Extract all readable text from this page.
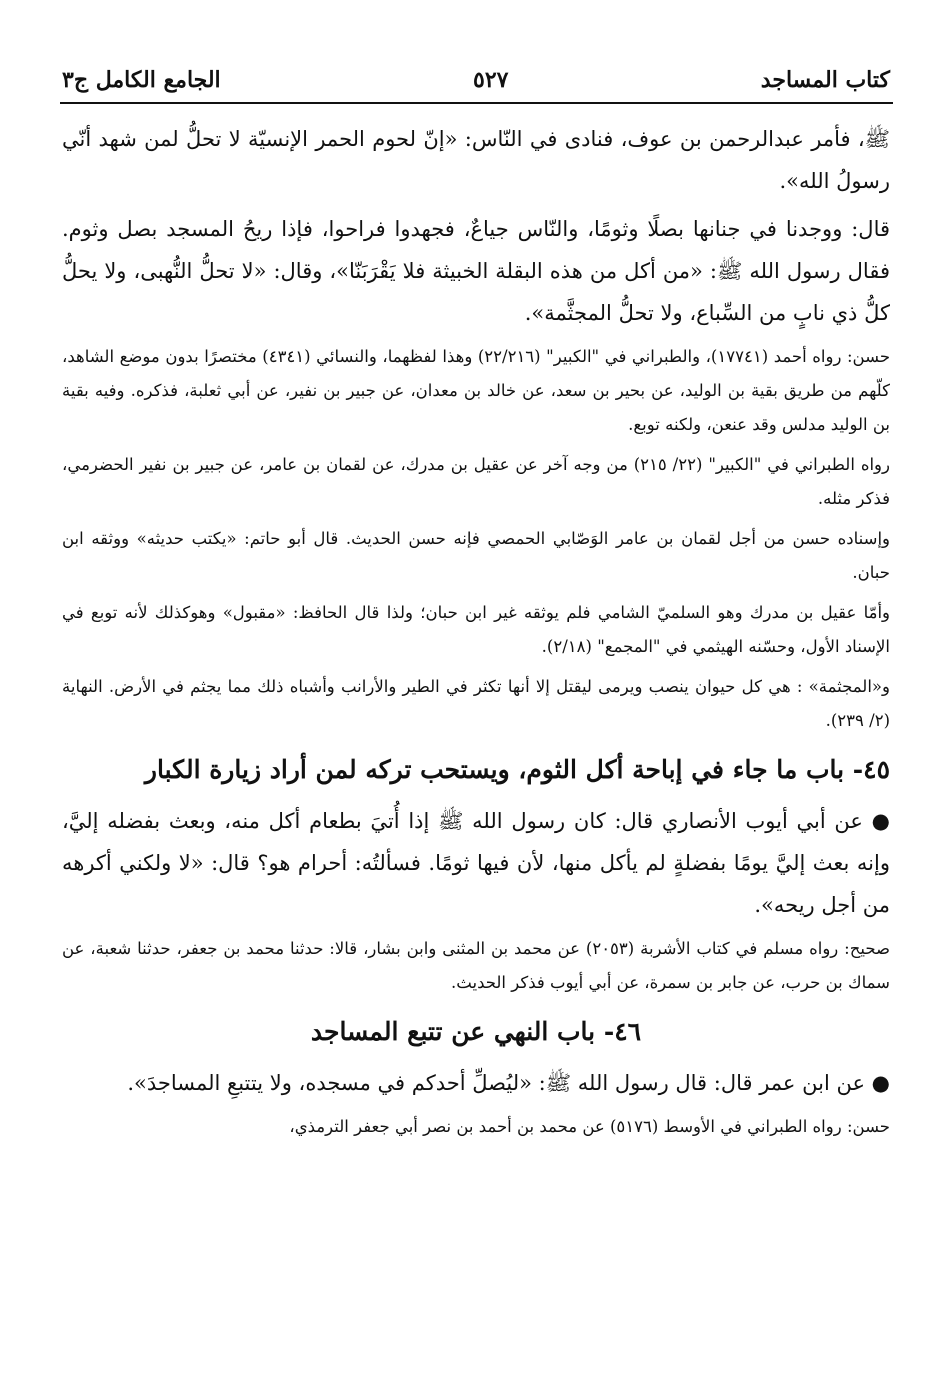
كتاب المساجد
٥٢٧
الجامع الكامل ج٣

ﷺ، فأمر عبدالرحمن بن عوف، فنادى في النّاس: «إنّ لحوم الحمر الإنسيّة لا تحلُّ لمن شهد أنّي رسولُ الله».

قال: ووجدنا في جنانها بصلًا وثومًا، والنّاس جياعٌ، فجهدوا فراحوا، فإذا ريحُ المسجد بصل وثوم. فقال رسول الله ﷺ: «من أكل من هذه البقلة الخبيثة فلا يَقْرَبَنّا»، وقال: «لا تحلُّ النُّهبى، ولا يحلُّ كلُّ ذي نابٍ من السِّباع، ولا تحلُّ المجثَّمة».

حسن: رواه أحمد (١٧٧٤١)، والطبراني في "الكبير" (٢٢/٢١٦) وهذا لفظهما، والنسائي (٤٣٤١) مختصرًا بدون موضع الشاهد، كلّهم من طريق بقية بن الوليد، عن بحير بن سعد، عن خالد بن معدان، عن جبير بن نفير، عن أبي ثعلبة، فذكره. وفيه بقية بن الوليد مدلس وقد عنعن، ولكنه توبع.

رواه الطبراني في "الكبير" (٢٢/ ٢١٥) من وجه آخر عن عقيل بن مدرك، عن لقمان بن عامر، عن جبير بن نفير الحضرمي، فذكر مثله.

وإسناده حسن من أجل لقمان بن عامر الوَصّابي الحمصي فإنه حسن الحديث. قال أبو حاتم: «يكتب حديثه» ووثقه ابن حبان.

وأمّا عقيل بن مدرك وهو السلميّ الشامي فلم يوثقه غير ابن حبان؛ ولذا قال الحافظ: «مقبول» وهوكذلك لأنه توبع في الإسناد الأول، وحسّنه الهيثمي في "المجمع" (٢/١٨).

و«المجثمة» : هي كل حيوان ينصب ويرمى ليقتل إلا أنها تكثر في الطير والأرانب وأشباه ذلك مما يجثم في الأرض. النهاية (٢/ ٢٣٩).

٤٥- باب ما جاء في إباحة أكل الثوم، ويستحب تركه لمن أراد زيارة الكبار

● عن أبي أيوب الأنصاري قال: كان رسول الله ﷺ إذا أُتيَ بطعام أكل منه، وبعث بفضله إليَّ، وإنه بعث إليَّ يومًا بفضلةٍ لم يأكل منها، لأن فيها ثومًا. فسألتُه: أحرام هو؟ قال: «لا ولكني أكرهه من أجل ريحه».

صحيح: رواه مسلم في كتاب الأشربة (٢٠٥٣) عن محمد بن المثنى وابن بشار، قالا: حدثنا محمد بن جعفر، حدثنا شعبة، عن سماك بن حرب، عن جابر بن سمرة، عن أبي أيوب فذكر الحديث.

٤٦- باب النهي عن تتبع المساجد

● عن ابن عمر قال: قال رسول الله ﷺ: «ليُصلِّ أحدكم في مسجده، ولا يتتبعِ المساجدَ».

حسن: رواه الطبراني في الأوسط (٥١٧٦) عن محمد بن أحمد بن نصر أبي جعفر الترمذي،
